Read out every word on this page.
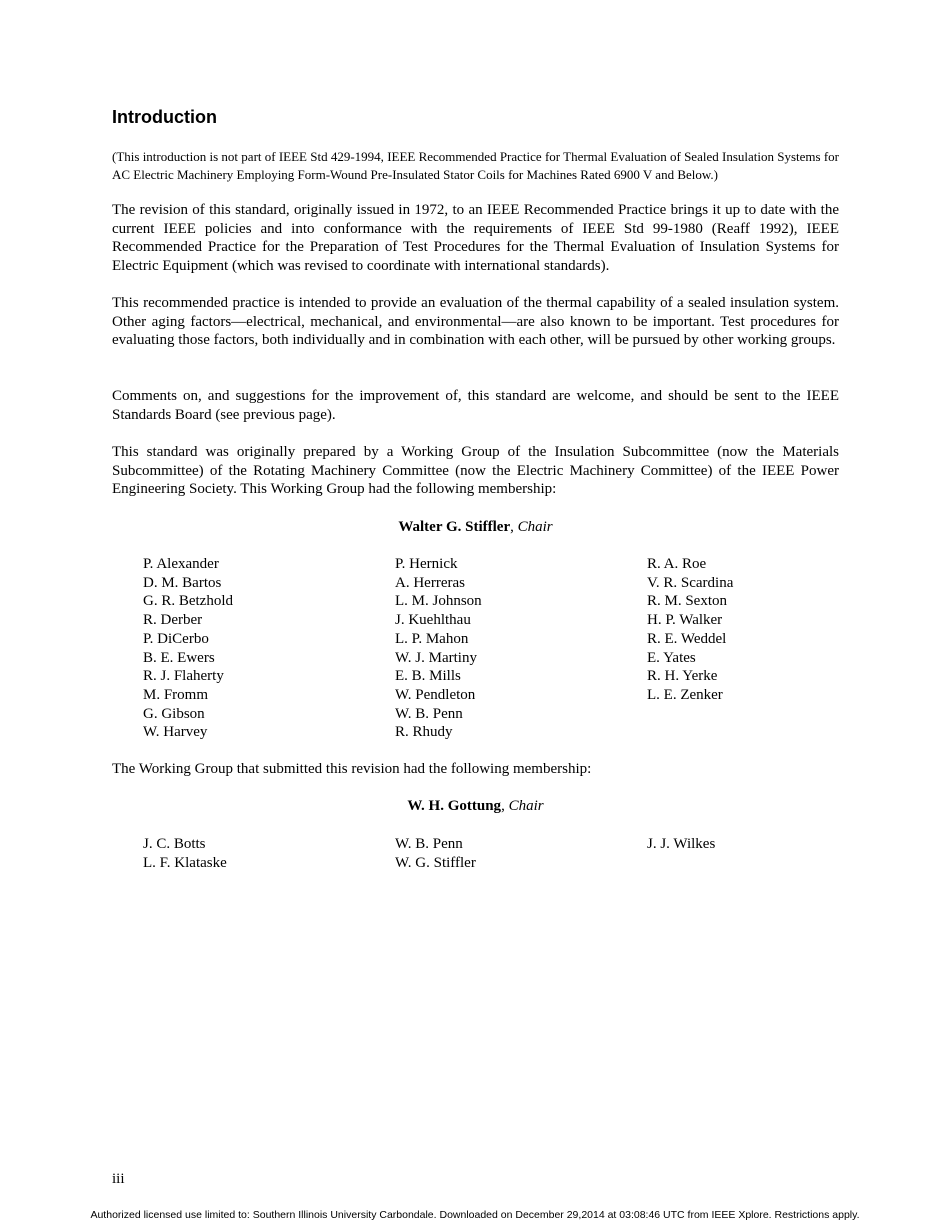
Introduction

(This introduction is not part of IEEE Std 429-1994, IEEE Recommended Practice for Thermal Evaluation of Sealed Insulation Systems for AC Electric Machinery Employing Form-Wound Pre-Insulated Stator Coils for Machines Rated 6900 V and Below.)

The revision of this standard, originally issued in 1972, to an IEEE Recommended Practice brings it up to date with the current IEEE policies and into conformance with the requirements of IEEE Std 99-1980 (Reaff 1992), IEEE Recommended Practice for the Preparation of Test Procedures for the Thermal Evaluation of Insulation Systems for Electric Equipment (which was revised to coordinate with international standards).

This recommended practice is intended to provide an evaluation of the thermal capability of a sealed insulation system. Other aging factors—electrical, mechanical, and environmental—are also known to be important. Test procedures for evaluating those factors, both individually and in combination with each other, will be pursued by other working groups.

Comments on, and suggestions for the improvement of, this standard are welcome, and should be sent to the IEEE Standards Board (see previous page).

This standard was originally prepared by a Working Group of the Insulation Subcommittee (now the Materials Subcommittee) of the Rotating Machinery Committee (now the Electric Machinery Committee) of the IEEE Power Engineering Society. This Working Group had the following membership:

Walter G. Stiffler, Chair
P. Alexander
D. M. Bartos
G. R. Betzhold
R. Derber
P. DiCerbo
B. E. Ewers
R. J. Flaherty
M. Fromm
G. Gibson
W. Harvey
P. Hernick
A. Herreras
L. M. Johnson
J. Kuehlthau
L. P. Mahon
W. J. Martiny
E. B. Mills
W. Pendleton
W. B. Penn
R. Rhudy
R. A. Roe
V. R. Scardina
R. M. Sexton
H. P. Walker
R. E. Weddel
E. Yates
R. H. Yerke
L. E. Zenker

The Working Group that submitted this revision had the following membership:

W. H. Gottung, Chair
J. C. Botts
L. F. Klataske
W. B. Penn
W. G. Stiffler
J. J. Wilkes
iii
Authorized licensed use limited to: Southern Illinois University Carbondale. Downloaded on December 29,2014 at 03:08:46 UTC from IEEE Xplore. Restrictions apply.
